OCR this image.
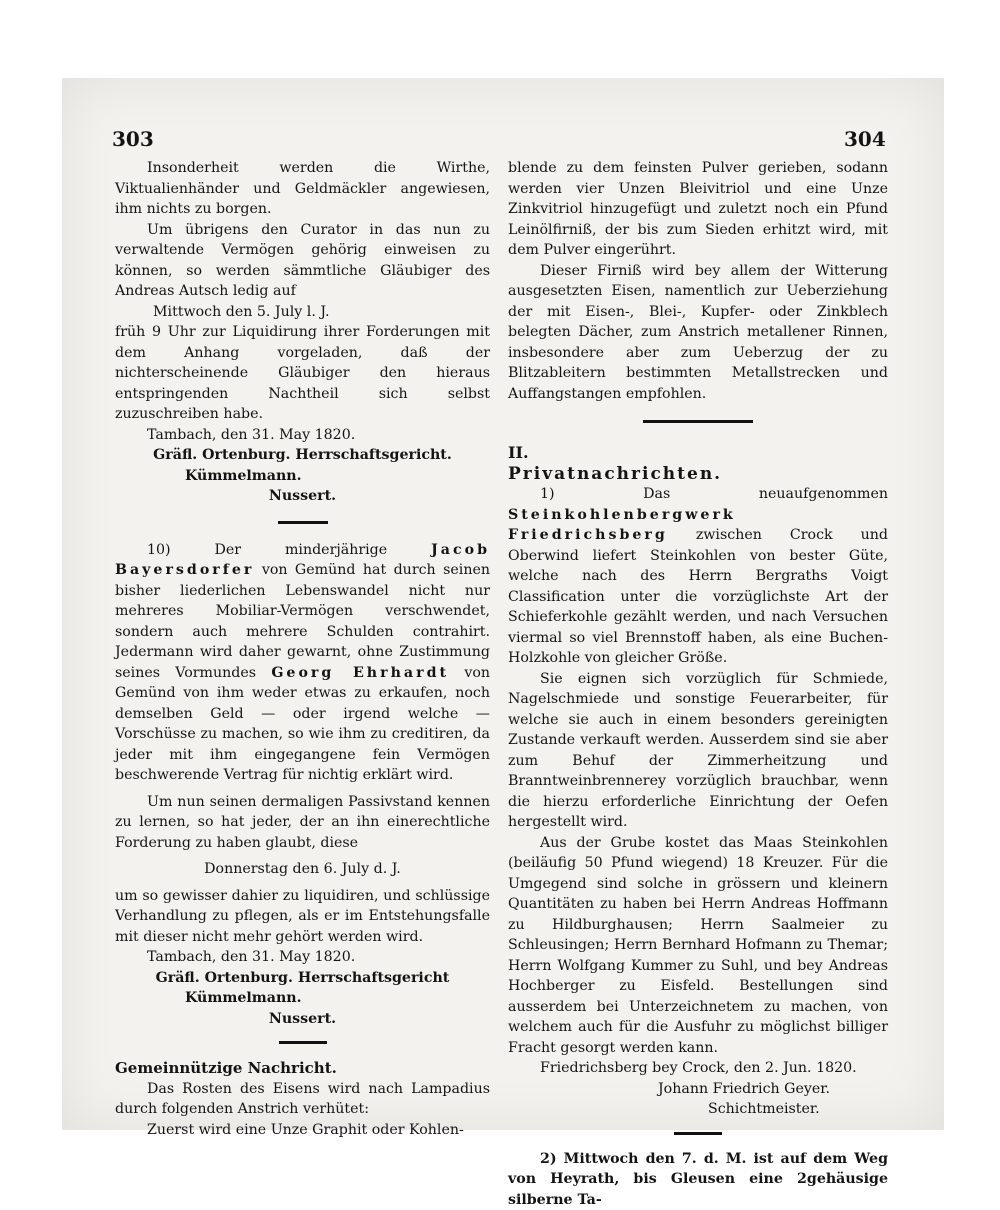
303	304

Insonderheit werden die Wirthe, Viktualienhänder und Geldmäckler angewiesen, ihm nichts zu borgen.

Um übrigens den Curator in das nun zu verwaltende Vermögen gehörig einweisen zu können, so werden sämmtliche Gläubiger des Andreas Autsch ledig auf

Mittwoch den 5. July l. J.

früh 9 Uhr zur Liquidirung ihrer Forderungen mit dem Anhang vorgeladen, daß der nichterscheinende Gläubiger den hieraus entspringenden Nachtheil sich selbst zuzuschreiben habe.

Tambach, den 31. May 1820.

Gräfl. Ortenburg. Herrschaftsgericht.

Kümmelmann.

Nussert.

10) Der minderjährige	Jacob Bayersdorfer von Gemünd hat durch seinen bisher liederlichen Lebenswandel nicht nur mehreres Mobiliar-Vermögen verschwendet, sondern auch mehrere Schulden contrahirt. Jedermann wird daher gewarnt, ohne Zustimmung seines Vormundes Georg Ehrhardt von Gemünd von ihm weder etwas zu erkaufen, noch demselben Geld — oder irgend welche — Vorschüsse zu machen, so wie ihm zu creditiren, da jeder mit ihm eingegangene fein Vermögen beschwerende Vertrag für nichtig erklärt wird.

Um nun seinen dermaligen Passivstand kennen zu lernen, so hat jeder, der an ihn einerechtliche Forderung zu haben glaubt, diese

Donnerstag den 6. July d. J.

um so gewisser dahier zu liquidiren, und schlüssige Verhandlung zu pflegen, als er im Entstehungsfalle mit dieser nicht mehr gehört werden wird.

Tambach, den 31. May 1820.

Gräfl. Ortenburg. Herrschaftsgericht

Kümmelmann.

Nussert.

Gemeinnützige Nachricht.

Das Rosten des Eisens wird nach Lampadius durch folgenden Anstrich verhütet:

Zuerst wird eine Unze Graphit oder Kohlen-

blende zu dem feinsten Pulver gerieben, sodann werden vier Unzen Bleivitriol und eine Unze Zinkvitriol hinzugefügt und zuletzt noch ein Pfund Leinölfirniß, der bis zum Sieden erhitzt wird, mit dem Pulver eingerührt.

Dieser Firniß wird bey allem der Witterung ausgesetzten Eisen, namentlich zur Ueberziehung der mit Eisen-, Blei-, Kupfer- oder Zinkblech belegten Dächer, zum Anstrich metallener Rinnen, insbesondere aber zum Ueberzug der zu Blitzableitern bestimmten Metallstrecken und Auffangstangen empfohlen.

II.

Privatnachrichten.

1) Das neuaufgenommen Steinkohlenbergwerk Friedrichsberg zwischen Crock und Oberwind liefert Steinkohlen von bester Güte, welche nach des Herrn Bergraths Voigt Classification unter die vorzüglichste Art der Schieferkohle gezählt werden, und nach Versuchen viermal so viel Brennstoff haben, als eine Buchen-Holzkohle von gleicher Größe.

Sie eignen sich vorzüglich für Schmiede, Nagelschmiede und sonstige Feuerarbeiter, für welche sie auch in einem besonders gereinigten Zustande verkauft werden. Ausserdem sind sie aber zum Behuf der Zimmerheitzung und Branntweinbrennerey vorzüglich brauchbar, wenn die hierzu erforderliche Einrichtung der Oefen hergestellt wird.

Aus der Grube kostet das Maas Steinkohlen (beiläufig 50 Pfund wiegend) 18 Kreuzer. Für die Umgegend sind solche in grössern und kleinern Quantitäten zu haben bei Herrn Andreas Hoffmann zu Hildburghausen; Herrn Saalmeier zu Schleusingen; Herrn Bernhard Hofmann zu Themar; Herrn Wolfgang Kummer zu Suhl, und bey Andreas Hochberger zu Eisfeld. Bestellungen sind ausserdem bei Unterzeichnetem zu machen, von welchem auch für die Ausfuhr zu möglichst billiger Fracht gesorgt werden kann.

Friedrichsberg bey Crock, den 2. Jun. 1820.

Johann Friedrich Geyer.

Schichtmeister.

2) Mittwoch den 7. d. M. ist auf dem Weg von Heyrath, bis Gleusen eine 2gehäusige silberne Ta-
